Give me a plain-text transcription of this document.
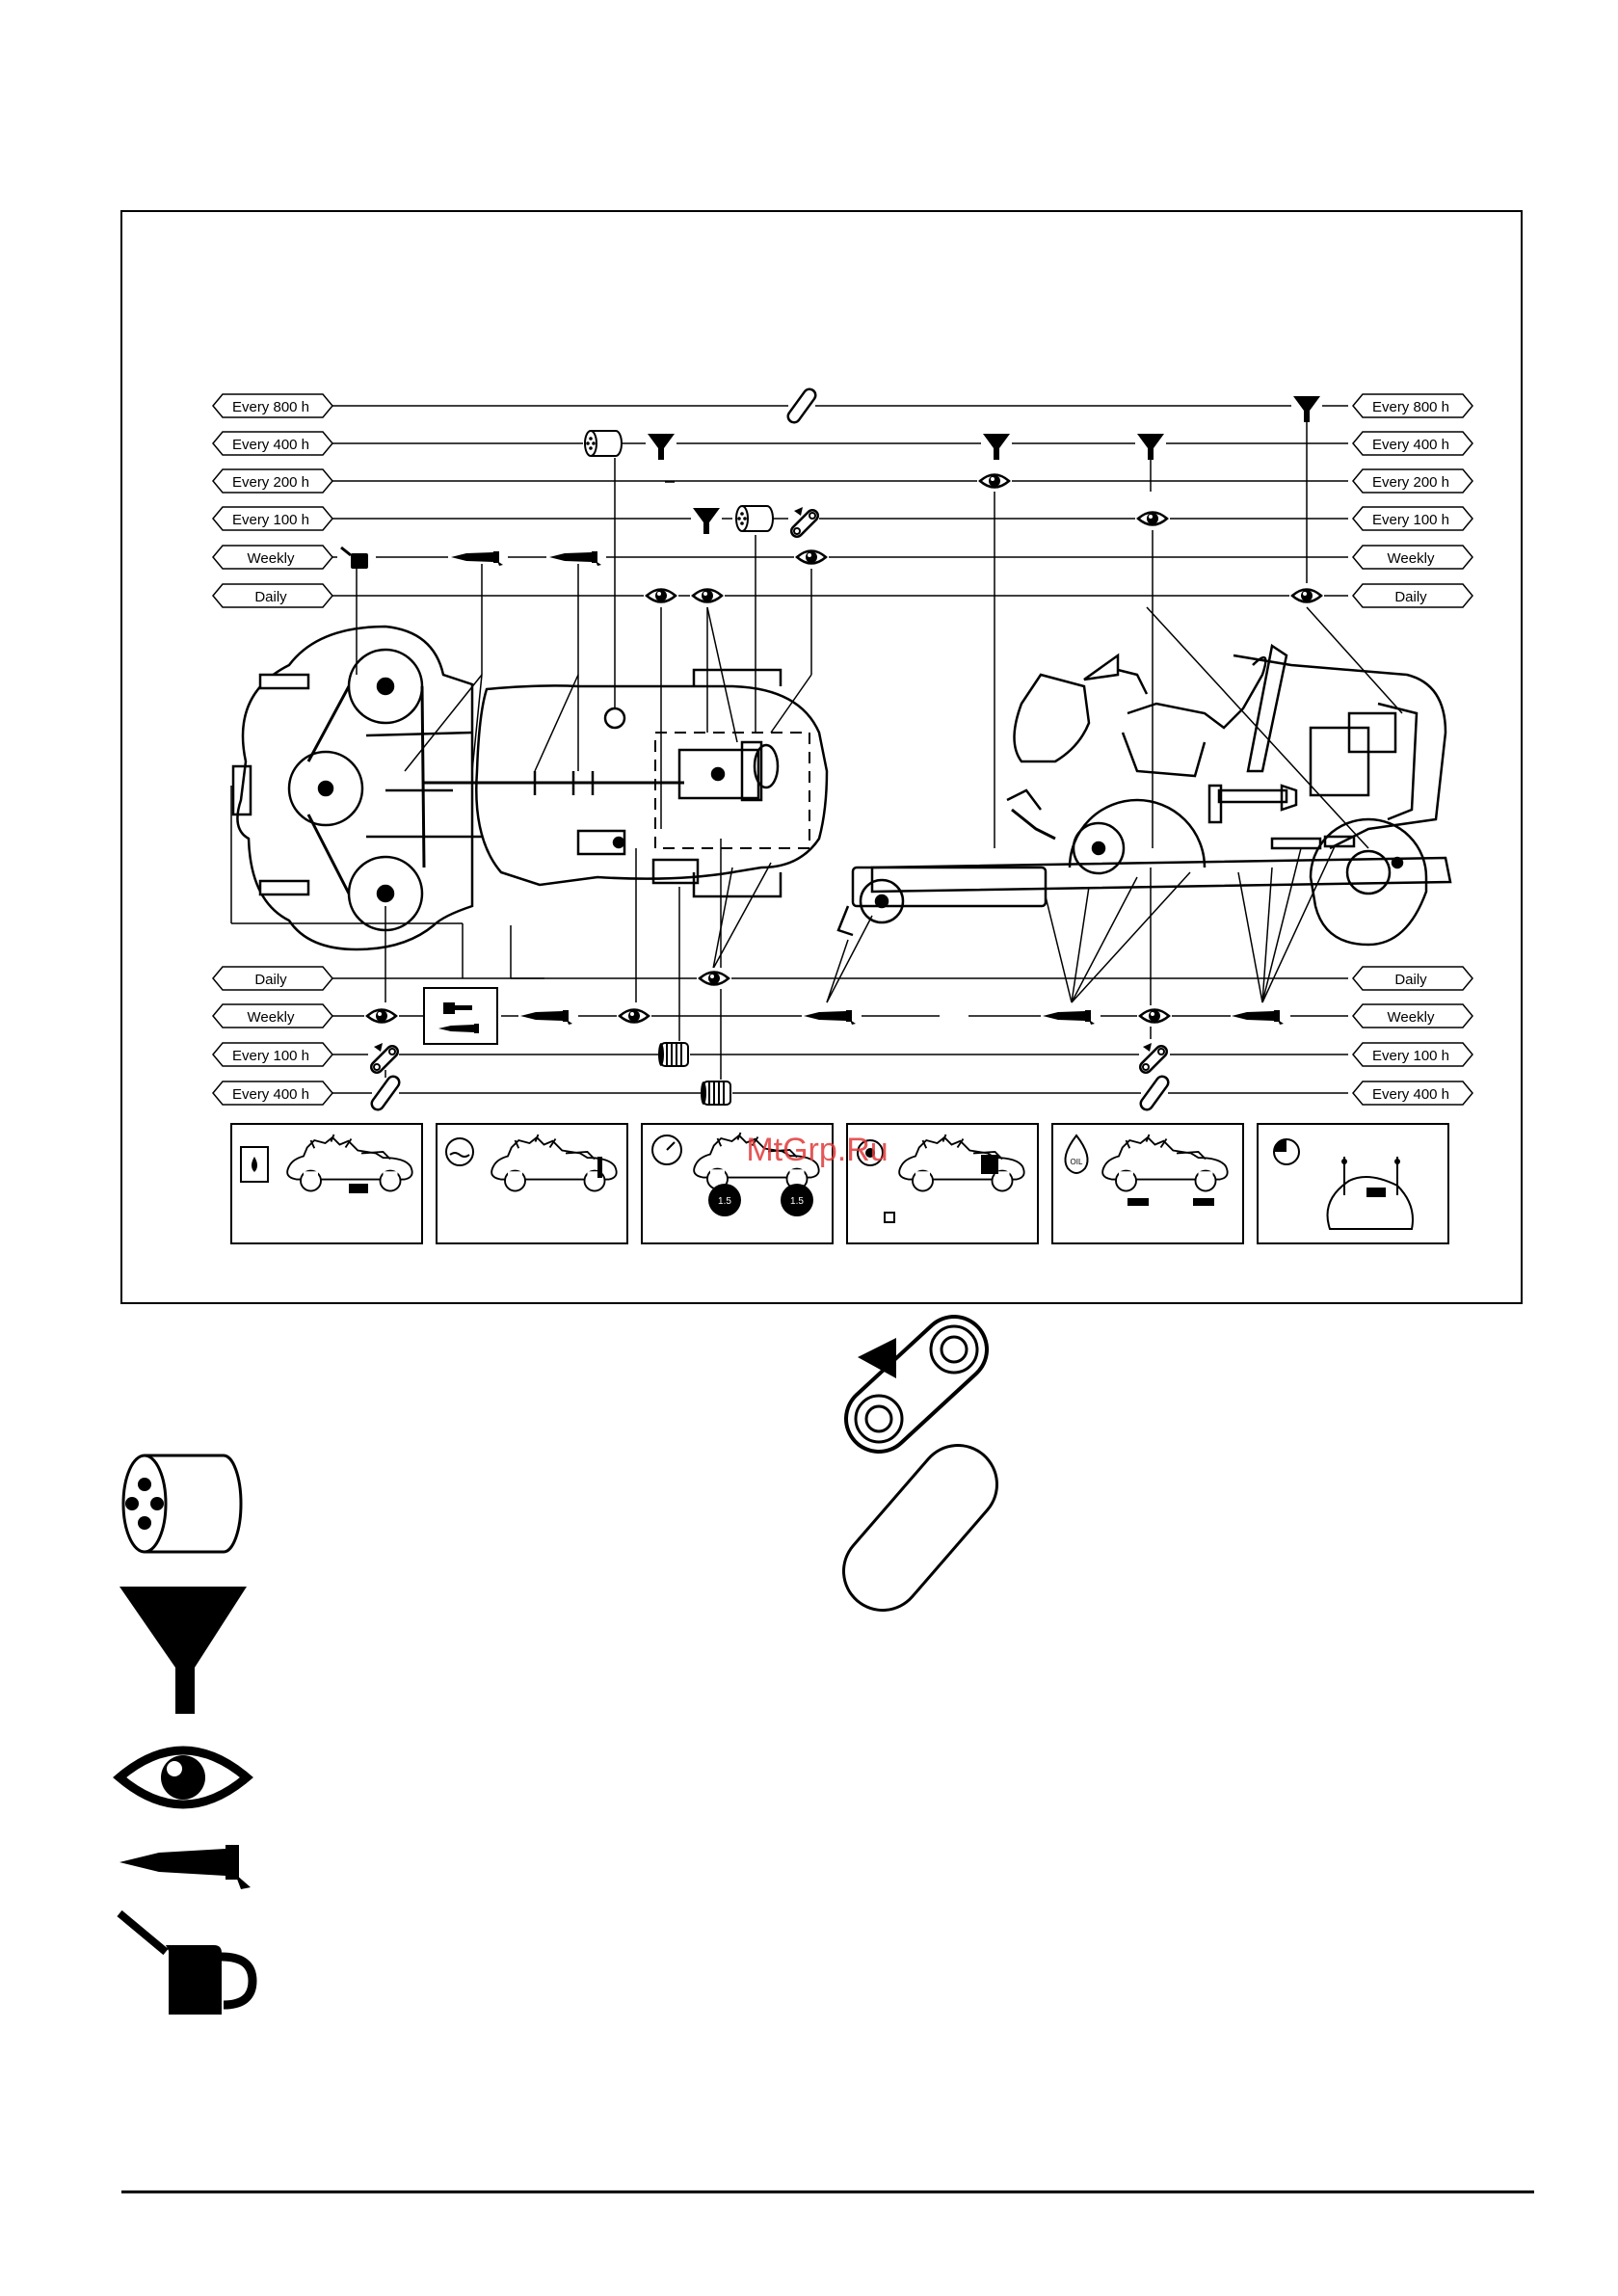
Every 800 h
Every 400 h
Every 200 h
Every 100 h
Weekly
Daily
Every 800 h
Every 400 h
Every 200 h
Every 100 h
Weekly
Daily
Daily
Weekly
Every 100 h
Every 400 h
Daily
Weekly
Every 100 h
Every 400 h
1.5	1.5
OIL
MtGrp.Ru
